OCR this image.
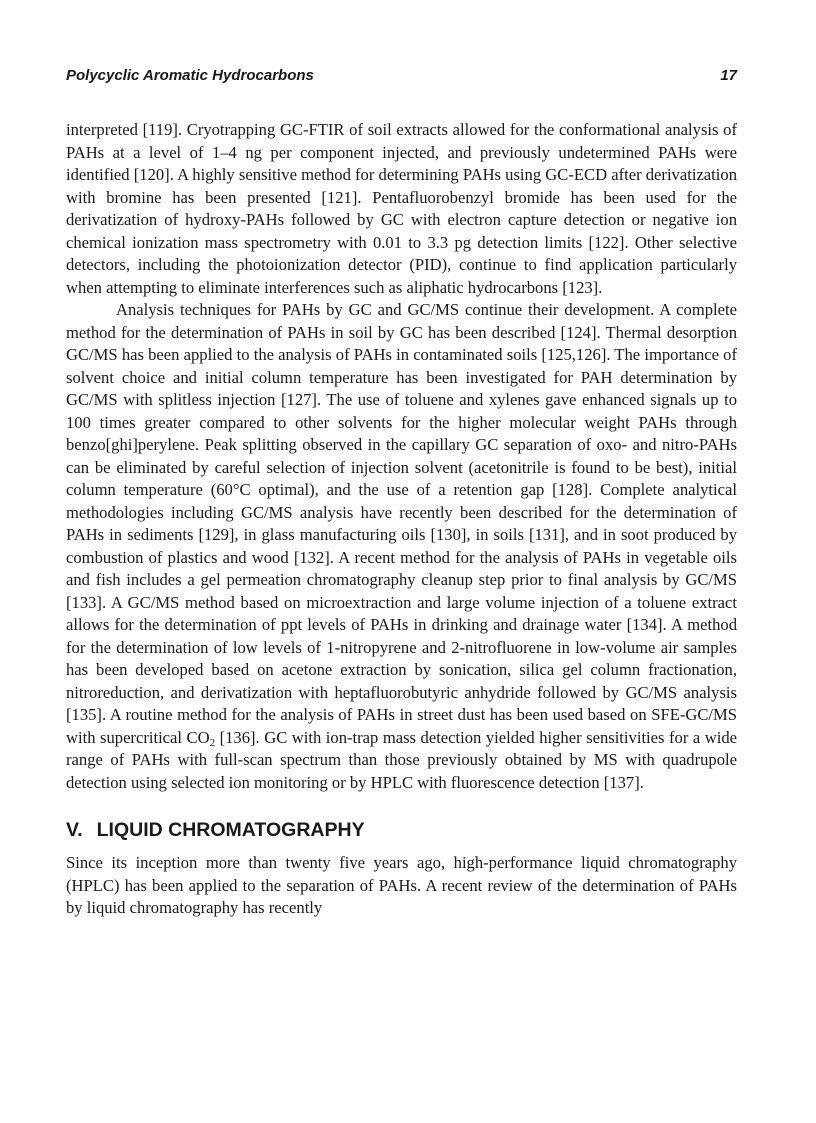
Polycyclic Aromatic Hydrocarbons	17

interpreted [119]. Cryotrapping GC-FTIR of soil extracts allowed for the conformational analysis of PAHs at a level of 1–4 ng per component injected, and previously undetermined PAHs were identified [120]. A highly sensitive method for determining PAHs using GC-ECD after derivatization with bromine has been presented [121]. Pentafluorobenzyl bromide has been used for the derivatization of hydroxy-PAHs followed by GC with electron capture detection or negative ion chemical ionization mass spectrometry with 0.01 to 3.3 pg detection limits [122]. Other selective detectors, including the photoionization detector (PID), continue to find application particularly when attempting to eliminate interferences such as aliphatic hydrocarbons [123].

Analysis techniques for PAHs by GC and GC/MS continue their development. A complete method for the determination of PAHs in soil by GC has been described [124]. Thermal desorption GC/MS has been applied to the analysis of PAHs in contaminated soils [125,126]. The importance of solvent choice and initial column temperature has been investigated for PAH determination by GC/MS with splitless injection [127]. The use of toluene and xylenes gave enhanced signals up to 100 times greater compared to other solvents for the higher molecular weight PAHs through benzo[ghi]perylene. Peak splitting observed in the capillary GC separation of oxo- and nitro-PAHs can be eliminated by careful selection of injection solvent (acetonitrile is found to be best), initial column temperature (60°C optimal), and the use of a retention gap [128]. Complete analytical methodologies including GC/MS analysis have recently been described for the determination of PAHs in sediments [129], in glass manufacturing oils [130], in soils [131], and in soot produced by combustion of plastics and wood [132]. A recent method for the analysis of PAHs in vegetable oils and fish includes a gel permeation chromatography cleanup step prior to final analysis by GC/MS [133]. A GC/MS method based on microextraction and large volume injection of a toluene extract allows for the determination of ppt levels of PAHs in drinking and drainage water [134]. A method for the determination of low levels of 1-nitropyrene and 2-nitrofluorene in low-volume air samples has been developed based on acetone extraction by sonication, silica gel column fractionation, nitroreduction, and derivatization with heptafluorobutyric anhydride followed by GC/MS analysis [135]. A routine method for the analysis of PAHs in street dust has been used based on SFE-GC/MS with supercritical $CO_2$ [136]. GC with ion-trap mass detection yielded higher sensitivities for a wide range of PAHs with full-scan spectrum than those previously obtained by MS with quadrupole detection using selected ion monitoring or by HPLC with fluorescence detection [137].

V. LIQUID CHROMATOGRAPHY

Since its inception more than twenty five years ago, high-performance liquid chromatography (HPLC) has been applied to the separation of PAHs. A recent review of the determination of PAHs by liquid chromatography has recently
